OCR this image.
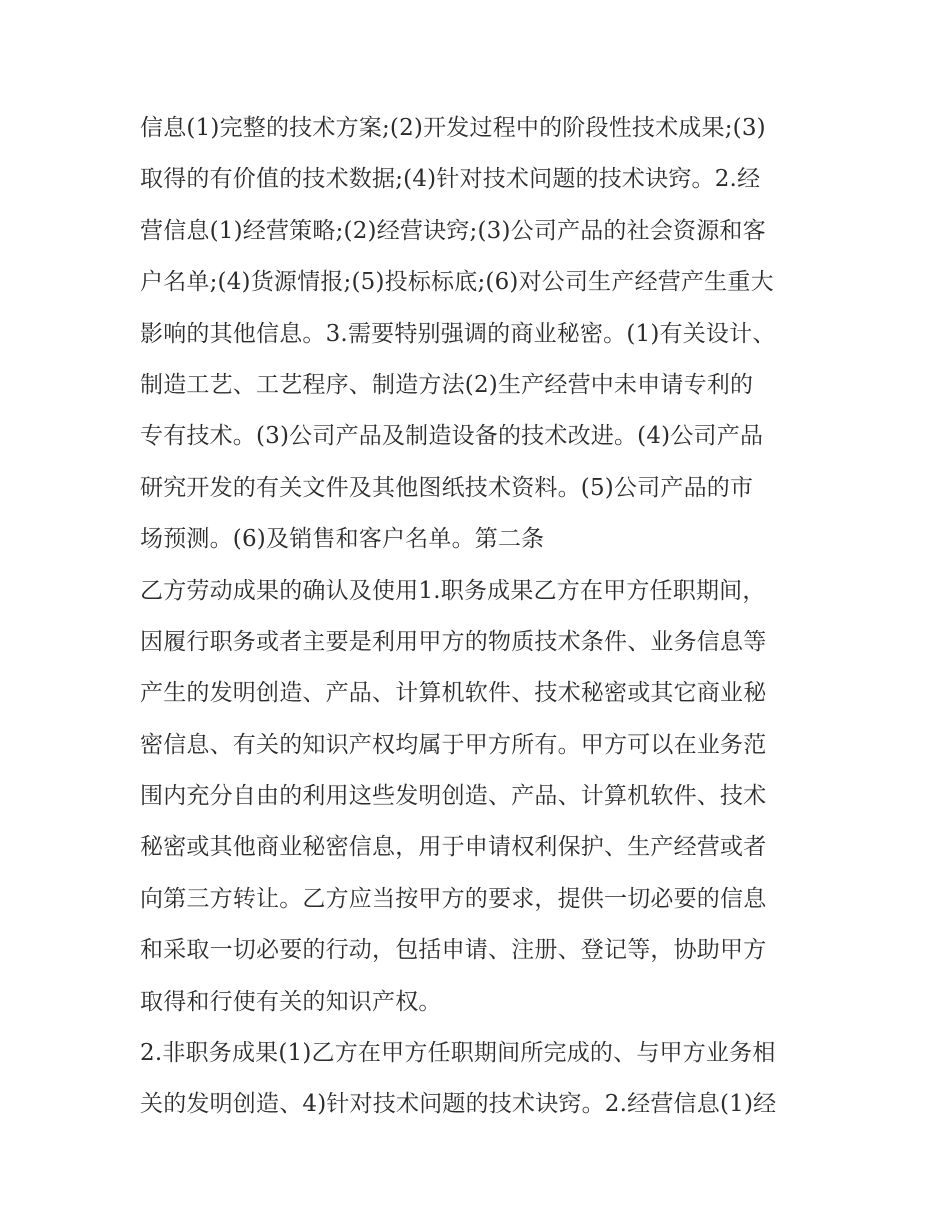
信息(1)完整的技术方案;(2)开发过程中的阶段性技术成果;(3)
取得的有价值的技术数据;(4)针对技术问题的技术诀窍。2.经
营信息(1)经营策略;(2)经营诀窍;(3)公司产品的社会资源和客
户名单;(4)货源情报;(5)投标标底;(6)对公司生产经营产生重大
影响的其他信息。3.需要特别强调的商业秘密。(1)有关设计、
制造工艺、工艺程序、制造方法(2)生产经营中未申请专利的
专有技术。(3)公司产品及制造设备的技术改进。(4)公司产品
研究开发的有关文件及其他图纸技术资料。(5)公司产品的市
场预测。(6)及销售和客户名单。第二条
乙方劳动成果的确认及使用1.职务成果乙方在甲方任职期间，
因履行职务或者主要是利用甲方的物质技术条件、业务信息等
产生的发明创造、产品、计算机软件、技术秘密或其它商业秘
密信息、有关的知识产权均属于甲方所有。甲方可以在业务范
围内充分自由的利用这些发明创造、产品、计算机软件、技术
秘密或其他商业秘密信息，用于申请权利保护、生产经营或者
向第三方转让。乙方应当按甲方的要求，提供一切必要的信息
和采取一切必要的行动，包括申请、注册、登记等，协助甲方
取得和行使有关的知识产权。
2.非职务成果(1)乙方在甲方任职期间所完成的、与甲方业务相
关的发明创造、4)针对技术问题的技术诀窍。2.经营信息(1)经
